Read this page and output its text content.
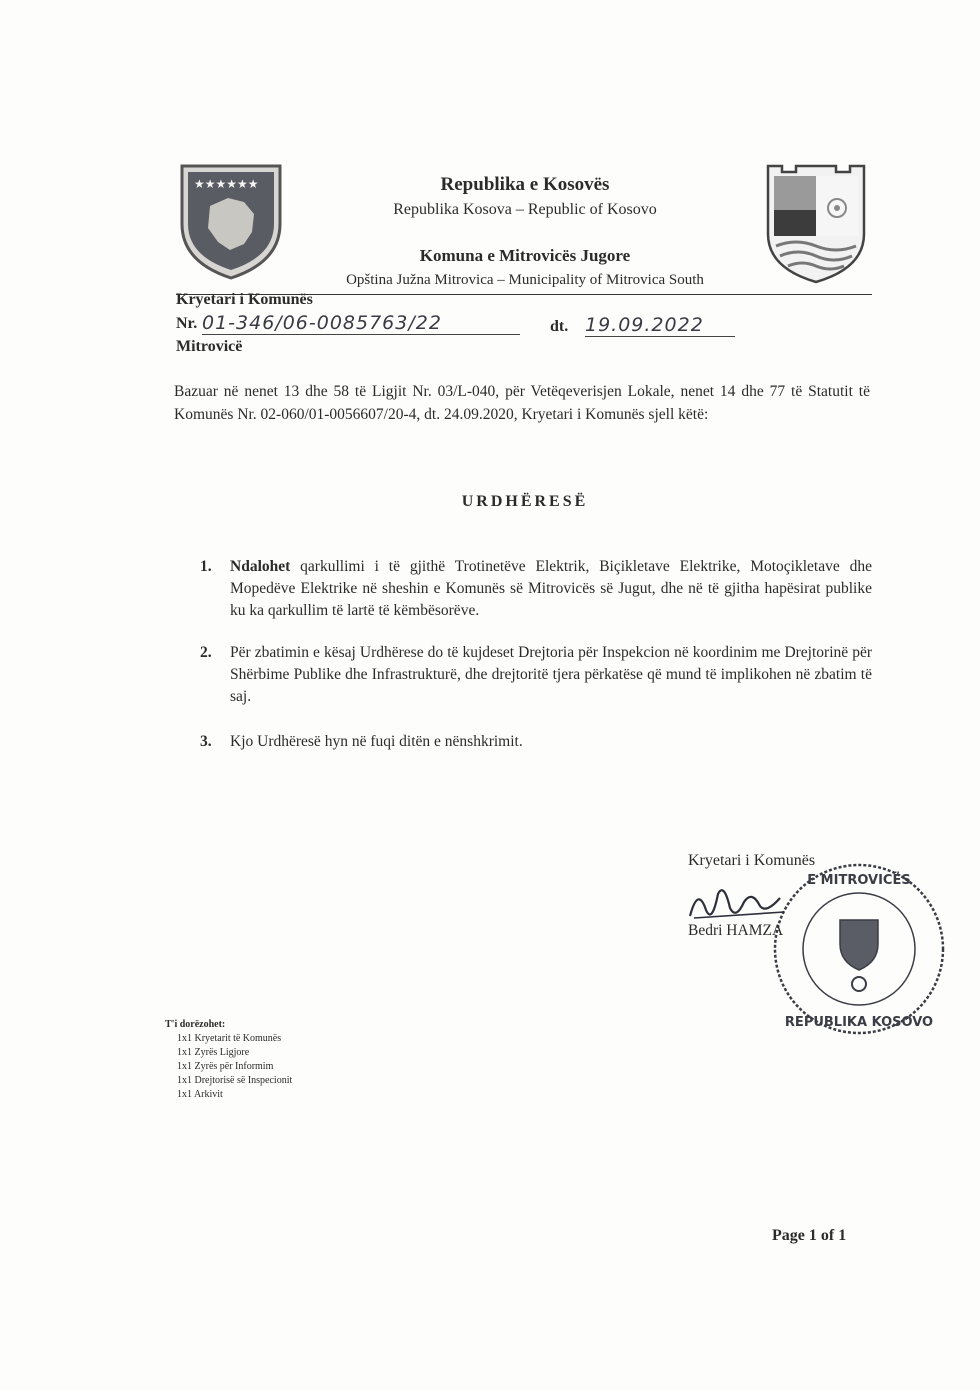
★★★★★★	Republika e Kosovës
Republika Kosova – Republic of Kosovo
Komuna e Mitrovicës Jugore
Opština Južna Mitrovica – Municipality of Mitrovica South
Kryetari i Komunës
Nr. 01-346/06-0085763/22	dt. 19.09.2022
Mitrovicë
Bazuar në nenet 13 dhe 58 të Ligjit Nr. 03/L-040, për Vetëqeverisjen Lokale, nenet 14 dhe 77 të Statutit të Komunës Nr. 02-060/01-0056607/20-4, dt. 24.09.2020, Kryetari i Komunës sjell këtë:
URDHËRESË
1. Ndalohet qarkullimi i të gjithë Trotinetëve Elektrik, Biçikletave Elektrike, Motoçikletave dhe Mopedëve Elektrike në sheshin e Komunës së Mitrovicës së Jugut, dhe në të gjitha hapësirat publike ku ka qarkullim të lartë të këmbësorëve.
2. Për zbatimin e kësaj Urdhërese do të kujdeset Drejtoria për Inspekcion në koordinim me Drejtorinë për Shërbime Publike dhe Infrastrukturë, dhe drejtoritë tjera përkatëse që mund të implikohen në zbatim të saj.
3. Kjo Urdhëresë hyn në fuqi ditën e nënshkrimit.
E MITROVICËS
REPUBLIKA KOSOVO
Kryetari i Komunës
Bedri HAMZA
T'i dorëzohet:
1x1 Kryetarit të Komunës
1x1 Zyrës Ligjore
1x1 Zyrës për Informim
1x1 Drejtorisë së Inspecionit
1x1 Arkivit
Page 1 of 1
